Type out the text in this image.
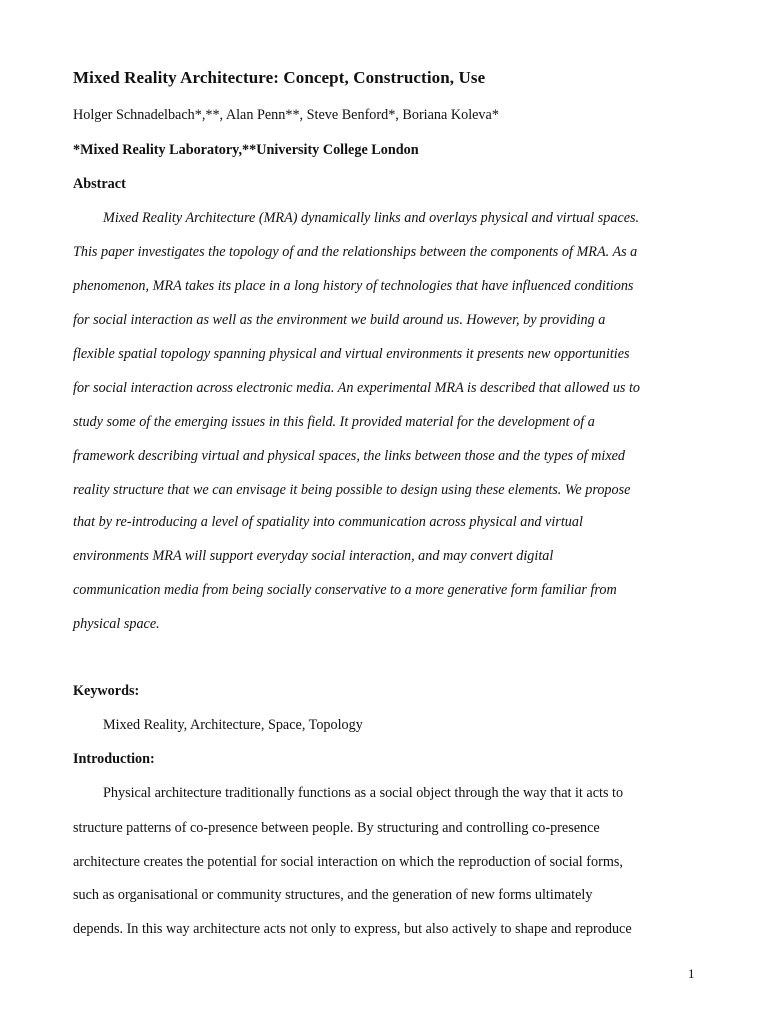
Mixed Reality Architecture: Concept, Construction, Use
Holger Schnadelbach*,**, Alan Penn**, Steve Benford*, Boriana Koleva*
*Mixed Reality Laboratory,**University College London
Abstract
Mixed Reality Architecture (MRA) dynamically links and overlays physical and virtual spaces.
This paper investigates the topology of and the relationships between the components of MRA. As a
phenomenon, MRA takes its place in a long history of technologies that have influenced conditions
for social interaction as well as the environment we build around us. However, by providing a
flexible spatial topology spanning physical and virtual environments it presents new opportunities
for social interaction across electronic media. An experimental MRA is described that allowed us to
study some of the emerging issues in this field. It provided material for the development of a
framework describing virtual and physical spaces, the links between those and the types of mixed
reality structure that we can envisage it being possible to design using these elements. We propose
that by re-introducing a level of spatiality into communication across physical and virtual
environments MRA will support everyday social interaction, and may convert digital
communication media from being socially conservative to a more generative form familiar from
physical space.
Keywords:
Mixed Reality, Architecture, Space, Topology
Introduction:
Physical architecture traditionally functions as a social object through the way that it acts to
structure patterns of co-presence between people. By structuring and controlling co-presence
architecture creates the potential for social interaction on which the reproduction of social forms,
such as organisational or community structures, and the generation of new forms ultimately
depends. In this way architecture acts not only to express, but also actively to shape and reproduce
1
